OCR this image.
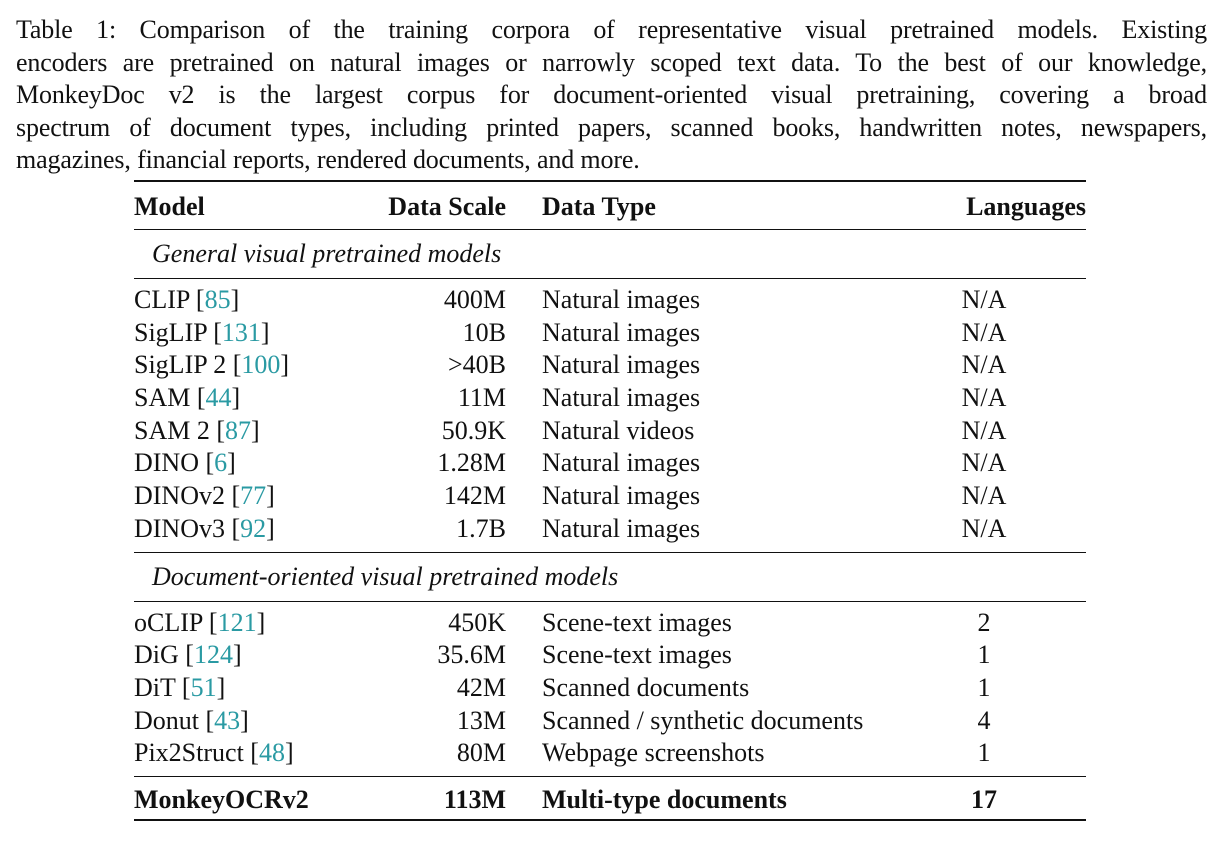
Table 1: Comparison of the training corpora of representative visual pretrained models. Existing
encoders are pretrained on natural images or narrowly scoped text data. To the best of our knowledge,
MonkeyDoc v2 is the largest corpus for document-oriented visual pretraining, covering a broad
spectrum of document types, including printed papers, scanned books, handwritten notes, newspapers,
magazines, financial reports, rendered documents, and more.
Model	Data Scale Data Type	Languages
General visual pretrained models
CLIP [85]	400M Natural images	N/A
SigLIP [131]	10B Natural images	N/A
SigLIP 2 [100]	>40B Natural images	N/A
SAM [44]	11M Natural images	N/A
SAM 2 [87]	50.9K Natural videos	N/A
DINO [6]	1.28M Natural images	N/A
DINOv2 [77]	142M Natural images	N/A
DINOv3 [92]	1.7B Natural images	N/A
Document-oriented visual pretrained models
oCLIP [121]	450K Scene-text images	2
DiG [124]	35.6M Scene-text images	1
DiT [51]	42M Scanned documents	1
Donut [43]	13M Scanned / synthetic documents	4
Pix2Struct [48]	80M Webpage screenshots	1
MonkeyOCRv2	113M Multi-type documents	17
